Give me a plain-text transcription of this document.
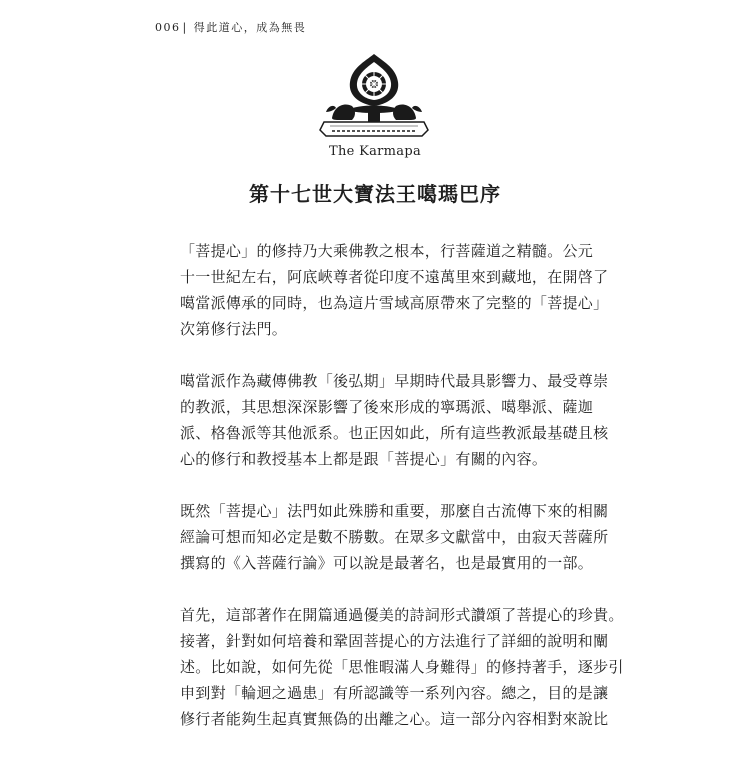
006 | 得此道心，成為無畏
The Karmapa
第十七世大寶法王噶瑪巴序

「菩提心」的修持乃大乘佛教之根本，行菩薩道之精髓。公元
十一世紀左右，阿底峽尊者從印度不遠萬里來到藏地，在開啓了
噶當派傳承的同時，也為這片雪域高原帶來了完整的「菩提心」
次第修行法門。

噶當派作為藏傳佛教「後弘期」早期時代最具影響力、最受尊崇
的教派，其思想深深影響了後來形成的寧瑪派、噶舉派、薩迦
派、格魯派等其他派系。也正因如此，所有這些教派最基礎且核
心的修行和教授基本上都是跟「菩提心」有關的內容。

既然「菩提心」法門如此殊勝和重要，那麼自古流傳下來的相關
經論可想而知必定是數不勝數。在眾多文獻當中，由寂天菩薩所
撰寫的《入菩薩行論》可以說是最著名，也是最實用的一部。

首先，這部著作在開篇通過優美的詩詞形式讚頌了菩提心的珍貴。
接著，針對如何培養和鞏固菩提心的方法進行了詳細的說明和闡
述。比如說，如何先從「思惟暇滿人身難得」的修持著手，逐步引
申到對「輪迴之過患」有所認識等一系列內容。總之，目的是讓
修行者能夠生起真實無偽的出離之心。這一部分內容相對來說比
